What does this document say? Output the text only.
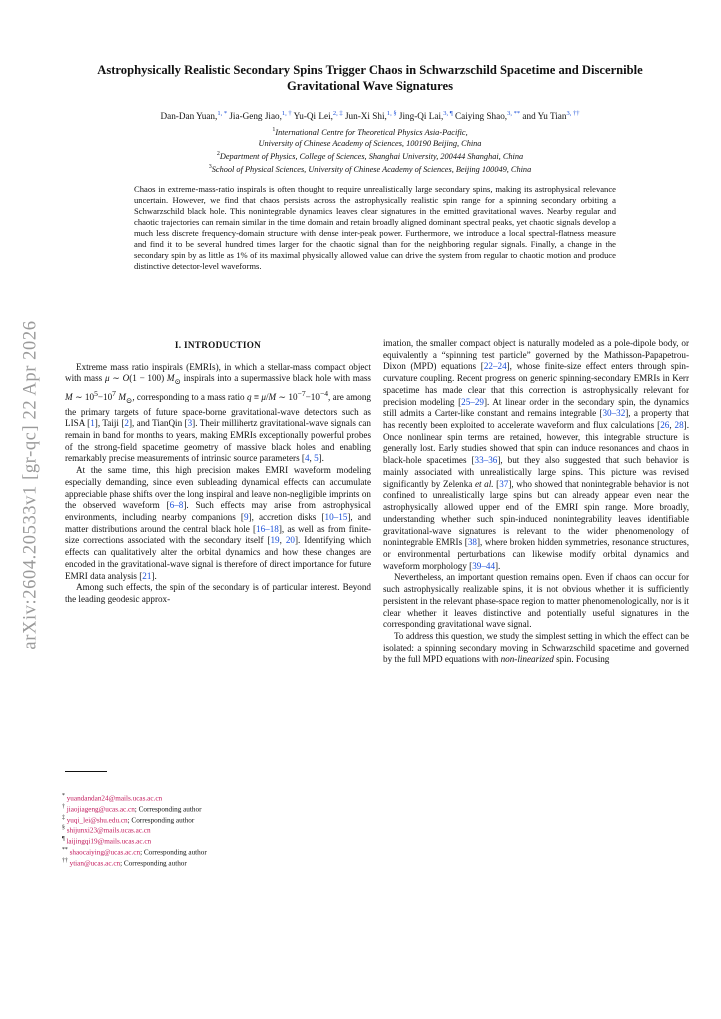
arXiv:2604.20533v1 [gr-qc] 22 Apr 2026
Astrophysically Realistic Secondary Spins Trigger Chaos in Schwarzschild Spacetime and Discernible Gravitational Wave Signatures
Dan-Dan Yuan,$^{1, *}$ Jia-Geng Jiao,$^{1, \dagger}$ Yu-Qi Lei,$^{2, \ddagger}$ Jun-Xi Shi,$^{1, \S}$ Jing-Qi Lai,$^{3, \P}$ Caiying Shao,$^{3, **}$ and Yu Tian$^{3, \dagger\dagger}$
$^1$International Centre for Theoretical Physics Asia-Pacific,
University of Chinese Academy of Sciences, 100190 Beijing, China
$^2$Department of Physics, College of Sciences, Shanghai University, 200444 Shanghai, China
$^3$School of Physical Sciences, University of Chinese Academy of Sciences, Beijing 100049, China
Chaos in extreme-mass-ratio inspirals is often thought to require unrealistically large secondary spins, making its astrophysical relevance uncertain. However, we find that chaos persists across the astrophysically realistic spin range for a spinning secondary orbiting a Schwarzschild black hole. This nonintegrable dynamics leaves clear signatures in the emitted gravitational waves. Nearby regular and chaotic trajectories can remain similar in the time domain and retain broadly aligned dominant spectral peaks, yet chaotic signals develop a much less discrete frequency-domain structure with dense inter-peak power. Furthermore, we introduce a local spectral-flatness measure and find it to be several hundred times larger for the chaotic signal than for the neighboring regular signals. Finally, a change in the secondary spin by as little as 1% of its maximal physically allowed value can drive the system from regular to chaotic motion and produce distinctive detector-level waveforms.
I. INTRODUCTION

Extreme mass ratio inspirals (EMRIs), in which a stellar-mass compact object with mass μ ∼ O(1 − 100) $M_⊙$ inspirals into a supermassive black hole with mass M ∼ $10^5-10^7$ $M_⊙$, corresponding to a mass ratio q ≡ μ/M ∼ $10^{-7}-10^{-4}$, are among the primary targets of future space-borne gravitational-wave detectors such as LISA [1], Taiji [2], and TianQin [3]. Their millihertz gravitational-wave signals can remain in band for months to years, making EMRIs exceptionally powerful probes of the strong-field spacetime geometry of massive black holes and enabling remarkably precise measurements of intrinsic source parameters [4, 5].

At the same time, this high precision makes EMRI waveform modeling especially demanding, since even subleading dynamical effects can accumulate appreciable phase shifts over the long inspiral and leave non-negligible imprints on the observed waveform [6–8]. Such effects may arise from astrophysical environments, including nearby companions [9], accretion disks [10–15], and matter distributions around the central black hole [16–18], as well as from finite-size corrections associated with the secondary itself [19, 20]. Identifying which effects can qualitatively alter the orbital dynamics and how these changes are encoded in the gravitational-wave signal is therefore of direct importance for future EMRI data analysis [21].

Among such effects, the spin of the secondary is of particular interest. Beyond the leading geodesic approx-

imation, the smaller compact object is naturally modeled as a pole-dipole body, or equivalently a “spinning test particle” governed by the Mathisson-Papapetrou-Dixon (MPD) equations [22–24], whose finite-size effect enters through spin-curvature coupling. Recent progress on generic spinning-secondary EMRIs in Kerr spacetime has made clear that this correction is astrophysically relevant for precision modeling [25–29]. At linear order in the secondary spin, the dynamics still admits a Carter-like constant and remains integrable [30–32], a property that has recently been exploited to accelerate waveform and flux calculations [26, 28]. Once nonlinear spin terms are retained, however, this integrable structure is generally lost. Early studies showed that spin can induce resonances and chaos in black-hole spacetimes [33–36], but they also suggested that such behavior is mainly associated with unrealistically large spins. This picture was revised significantly by Zelenka et al. [37], who showed that nonintegrable behavior is not confined to unrealistically large spins but can already appear even near the astrophysically allowed upper end of the EMRI spin range. More broadly, understanding whether such spin-induced nonintegrability leaves identifiable gravitational-wave signatures is relevant to the wider phenomenology of nonintegrable EMRIs [38], where broken hidden symmetries, resonance structures, or environmental perturbations can likewise modify orbital dynamics and waveform morphology [39–44].

Nevertheless, an important question remains open. Even if chaos can occur for such astrophysically realizable spins, it is not obvious whether it is sufficiently persistent in the relevant phase-space region to matter phenomenologically, nor is it clear whether it leaves distinctive and potentially useful signatures in the corresponding gravitational wave signal.

To address this question, we study the simplest setting in which the effect can be isolated: a spinning secondary moving in Schwarzschild spacetime and governed by the full MPD equations with non-linearized spin. Focusing

* yuandandan24@mails.ucas.ac.cn
† jiaojiageng@ucas.ac.cn; Corresponding author
‡ yuqi_lei@shu.edu.cn; Corresponding author
§ shijunxi23@mails.ucas.ac.cn
¶ laijingqi19@mails.ucas.ac.cn
** shaocaiying@ucas.ac.cn; Corresponding author
†† ytian@ucas.ac.cn; Corresponding author
